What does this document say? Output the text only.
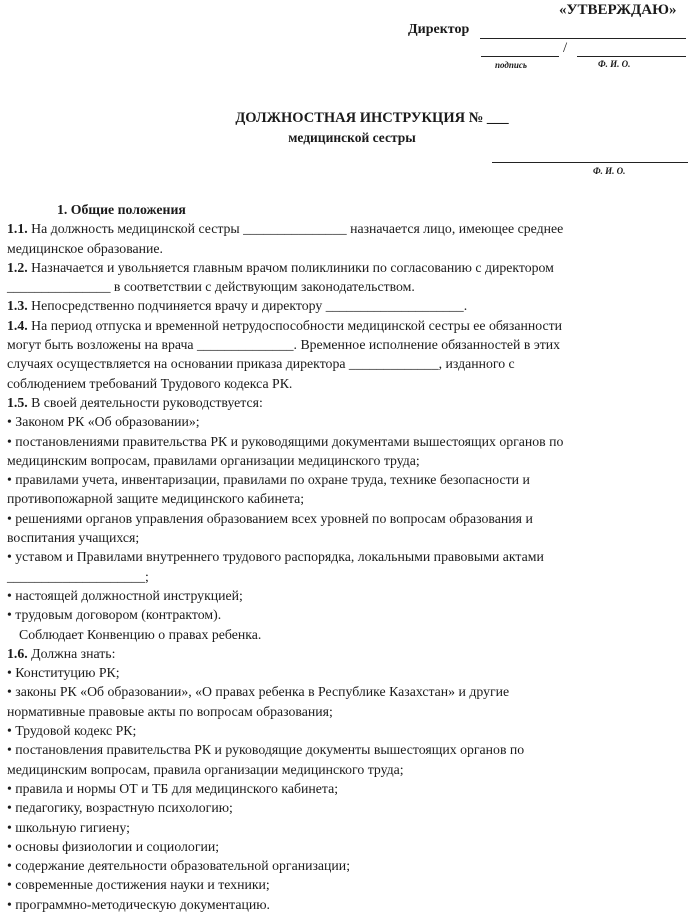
«УТВЕРЖДАЮ»
Директор
/
подпись	Ф. И. О.
ДОЛЖНОСТНАЯ ИНСТРУКЦИЯ № ___
медицинской сестры
Ф. И. О.
1. Общие положения
1.1. На должность медицинской сестры _______________ назначается лицо, имеющее среднее
медицинское образование.
1.2. Назначается и увольняется главным врачом поликлиники по согласованию с директором
_______________ в соответствии с действующим законодательством.
1.3. Непосредственно подчиняется врачу и директору ____________________.
1.4. На период отпуска и временной нетрудоспособности медицинской сестры ее обязанности
могут быть возложены на врача ______________. Временное исполнение обязанностей в этих
случаях осуществляется на основании приказа директора _____________, изданного с
соблюдением требований Трудового кодекса РК.
1.5. В своей деятельности руководствуется:
• Законом РК «Об образовании»;
• постановлениями правительства РК и руководящими документами вышестоящих органов по
медицинским вопросам, правилами организации медицинского труда;
• правилами учета, инвентаризации, правилами по охране труда, технике безопасности и
противопожарной защите медицинского кабинета;
• решениями органов управления образованием всех уровней по вопросам образования и
воспитания учащихся;
• уставом и Правилами внутреннего трудового распорядка, локальными правовыми актами
____________________;
• настоящей должностной инструкцией;
• трудовым договором (контрактом).
Соблюдает Конвенцию о правах ребенка.
1.6. Должна знать:
• Конституцию РК;
• законы РК «Об образовании», «О правах ребенка в Республике Казахстан» и другие
нормативные правовые акты по вопросам образования;
• Трудовой кодекс РК;
• постановления правительства РК и руководящие документы вышестоящих органов по
медицинским вопросам, правила организации медицинского труда;
• правила и нормы ОТ и ТБ для медицинского кабинета;
• педагогику, возрастную психологию;
• школьную гигиену;
• основы физиологии и социологии;
• содержание деятельности образовательной организации;
• современные достижения науки и техники;
• программно-методическую документацию.
